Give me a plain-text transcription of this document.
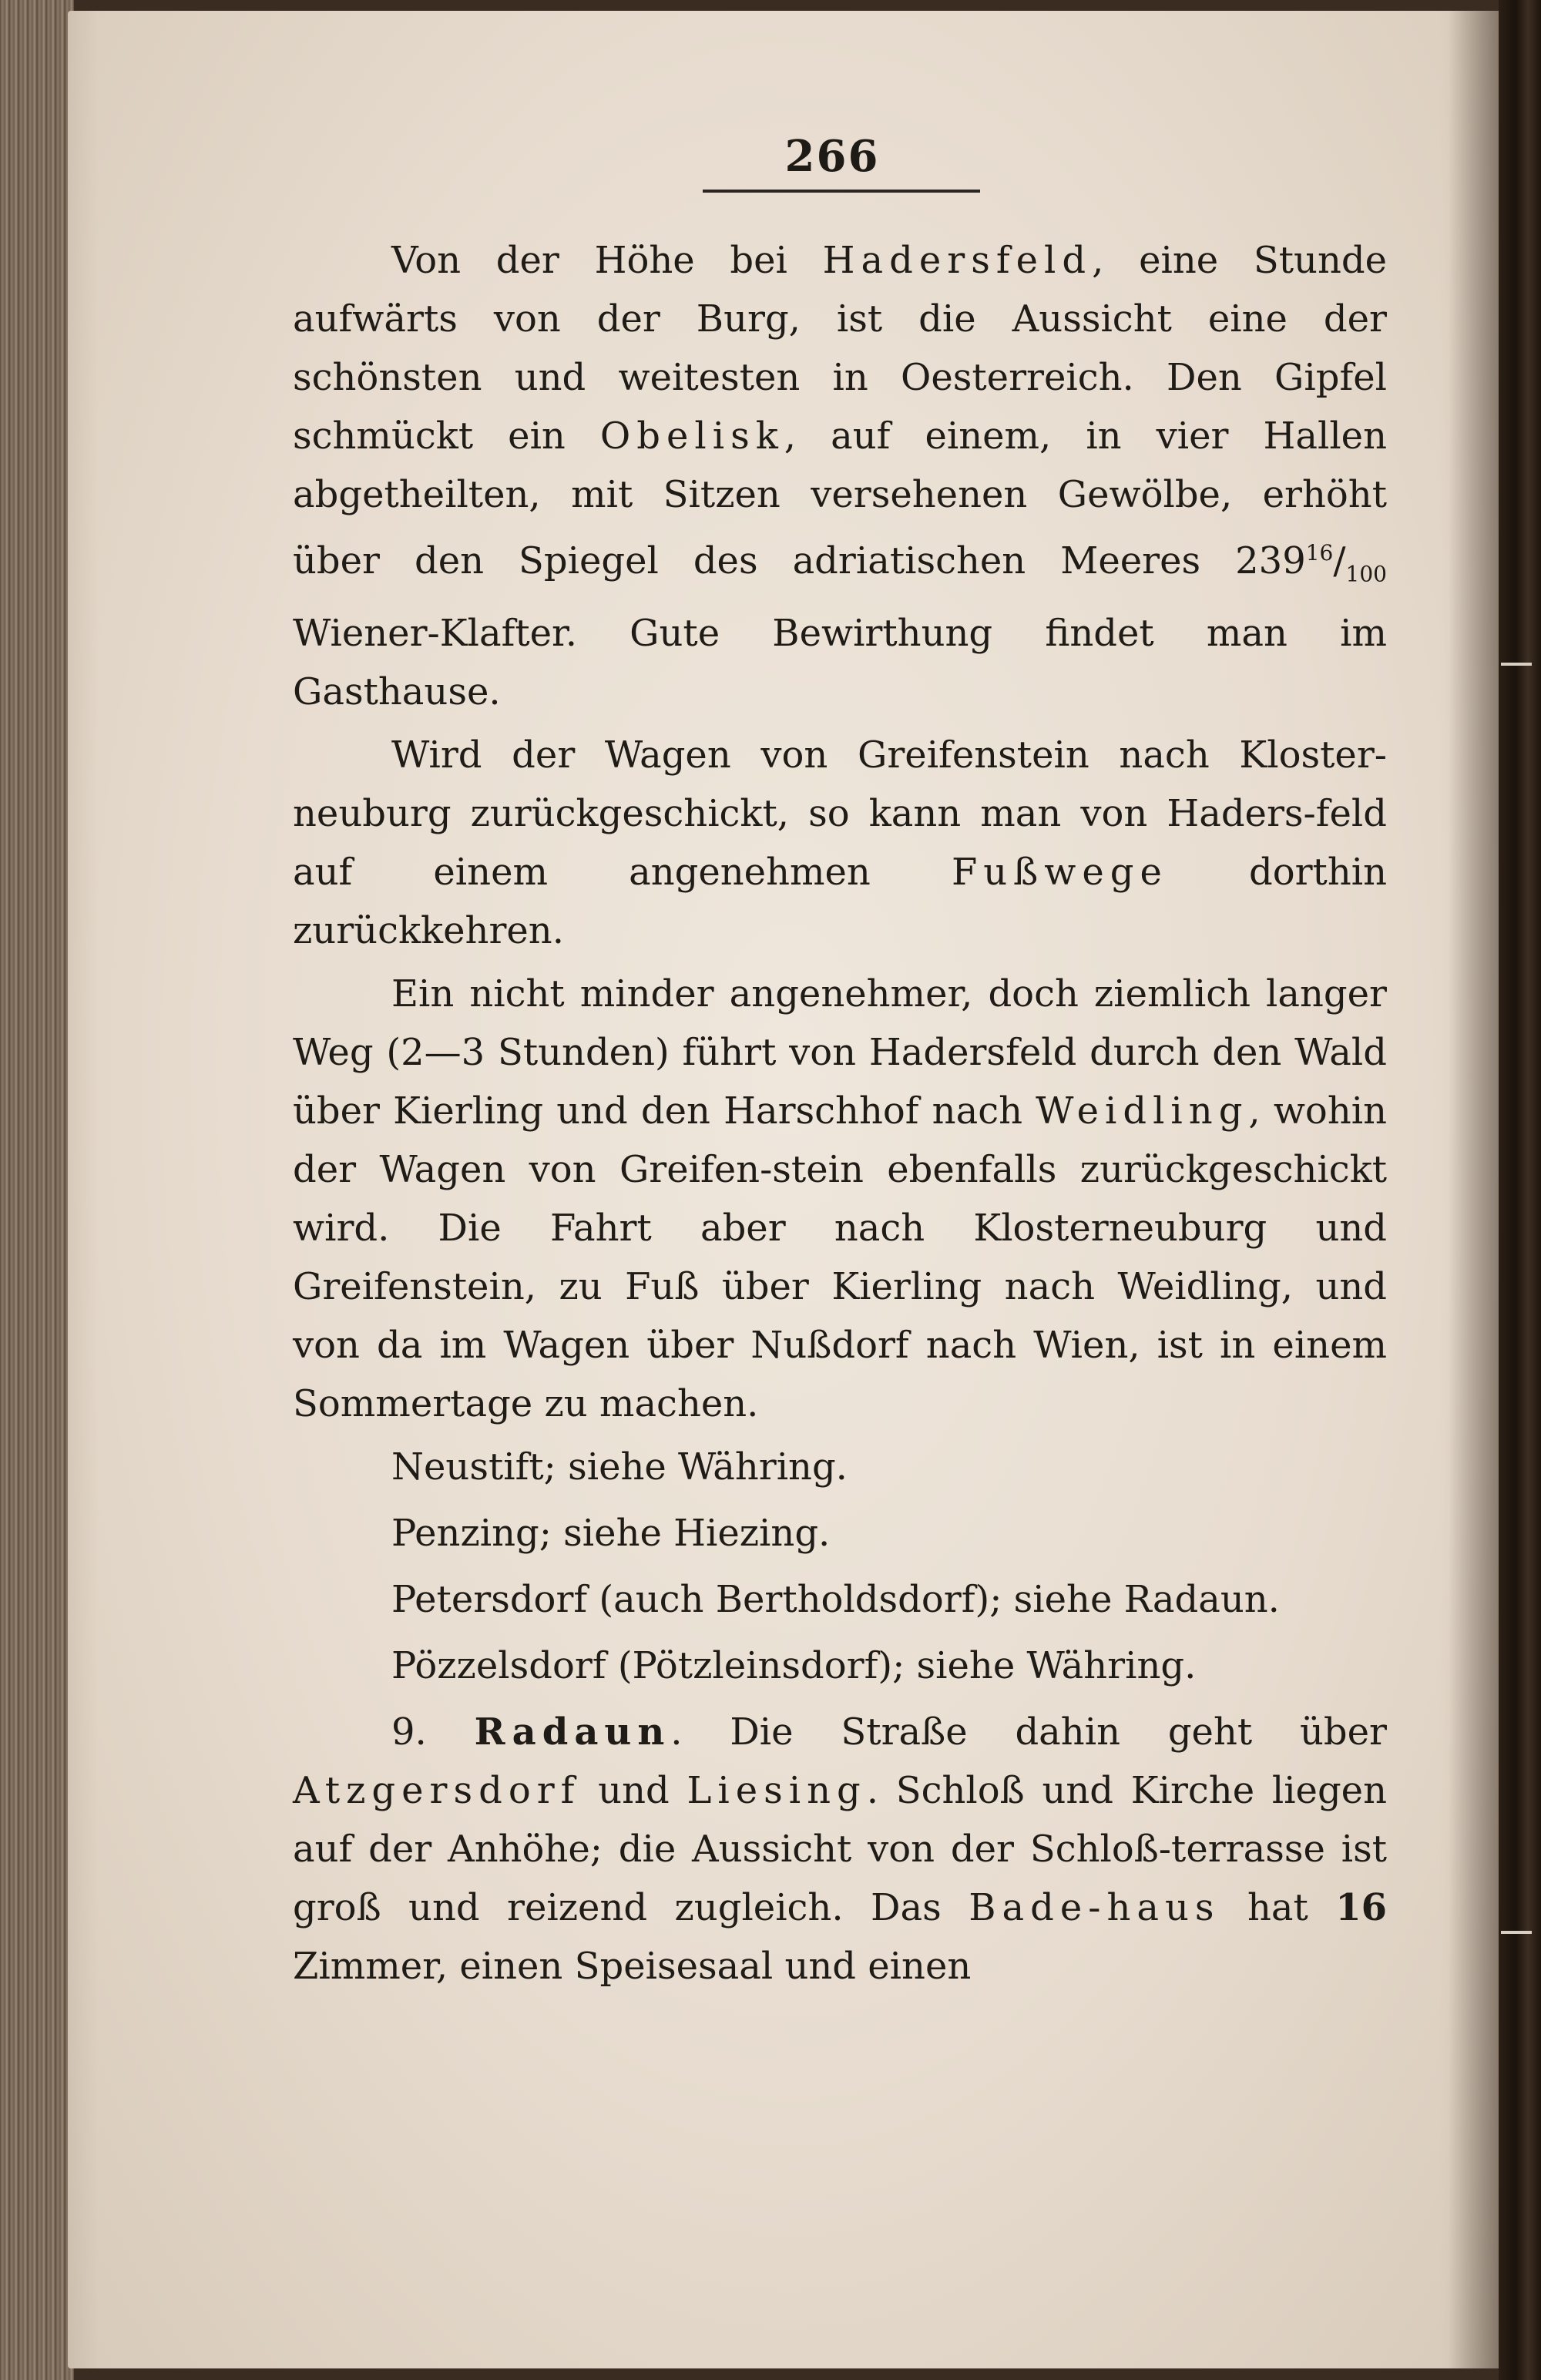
266

Von der Höhe bei Hadersfeld, eine Stunde aufwärts von der Burg, ist die Aussicht eine der schönsten und weitesten in Oesterreich. Den Gipfel schmückt ein Obelisk, auf einem, in vier Hallen abgetheilten, mit Sitzen versehenen Gewölbe, erhöht über den Spiegel des adriatischen Meeres $239^{16}/_{100}$ Wiener-Klafter. Gute Bewirthung findet man im Gasthause.

Wird der Wagen von Greifenstein nach Kloster-neuburg zurückgeschickt, so kann man von Haders-feld auf einem angenehmen Fußwege dorthin zurückkehren.

Ein nicht minder angenehmer, doch ziemlich langer Weg (2—3 Stunden) führt von Hadersfeld durch den Wald über Kierling und den Harschhof nach Weidling, wohin der Wagen von Greifen-stein ebenfalls zurückgeschickt wird. Die Fahrt aber nach Klosterneuburg und Greifenstein, zu Fuß über Kierling nach Weidling, und von da im Wagen über Nußdorf nach Wien, ist in einem Sommertage zu machen.

Neustift; siehe Währing.

Penzing; siehe Hiezing.

Petersdorf (auch Bertholdsdorf); siehe Radaun.

Pözzelsdorf (Pötzleinsdorf); siehe Währing.

9. Radaun. Die Straße dahin geht über Atzgersdorf und Liesing. Schloß und Kirche liegen auf der Anhöhe; die Aussicht von der Schloß-terrasse ist groß und reizend zugleich. Das Bade-haus hat 16 Zimmer, einen Speisesaal und einen
